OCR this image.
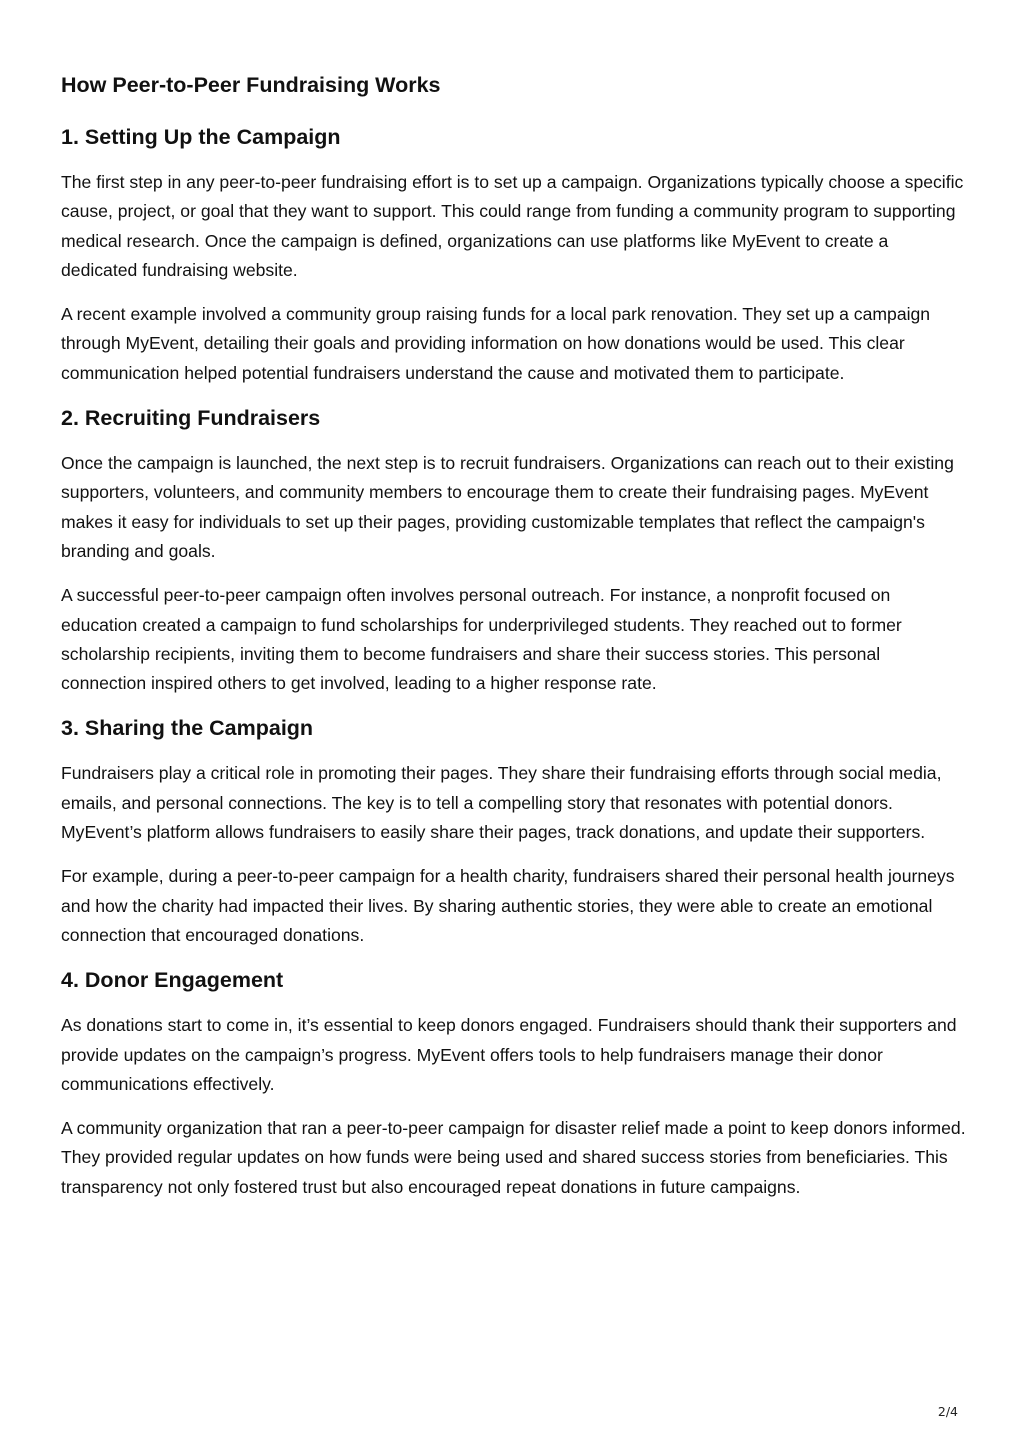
How Peer-to-Peer Fundraising Works
1. Setting Up the Campaign

The first step in any peer-to-peer fundraising effort is to set up a campaign. Organizations typically choose a specific cause, project, or goal that they want to support. This could range from funding a community program to supporting medical research. Once the campaign is defined, organizations can use platforms like MyEvent to create a dedicated fundraising website.

A recent example involved a community group raising funds for a local park renovation. They set up a campaign through MyEvent, detailing their goals and providing information on how donations would be used. This clear communication helped potential fundraisers understand the cause and motivated them to participate.

2. Recruiting Fundraisers

Once the campaign is launched, the next step is to recruit fundraisers. Organizations can reach out to their existing supporters, volunteers, and community members to encourage them to create their fundraising pages. MyEvent makes it easy for individuals to set up their pages, providing customizable templates that reflect the campaign's branding and goals.

A successful peer-to-peer campaign often involves personal outreach. For instance, a nonprofit focused on education created a campaign to fund scholarships for underprivileged students. They reached out to former scholarship recipients, inviting them to become fundraisers and share their success stories. This personal connection inspired others to get involved, leading to a higher response rate.

3. Sharing the Campaign

Fundraisers play a critical role in promoting their pages. They share their fundraising efforts through social media, emails, and personal connections. The key is to tell a compelling story that resonates with potential donors. MyEvent’s platform allows fundraisers to easily share their pages, track donations, and update their supporters.

For example, during a peer-to-peer campaign for a health charity, fundraisers shared their personal health journeys and how the charity had impacted their lives. By sharing authentic stories, they were able to create an emotional connection that encouraged donations.

4. Donor Engagement

As donations start to come in, it’s essential to keep donors engaged. Fundraisers should thank their supporters and provide updates on the campaign’s progress. MyEvent offers tools to help fundraisers manage their donor communications effectively.

A community organization that ran a peer-to-peer campaign for disaster relief made a point to keep donors informed. They provided regular updates on how funds were being used and shared success stories from beneficiaries. This transparency not only fostered trust but also encouraged repeat donations in future campaigns.

2/4
